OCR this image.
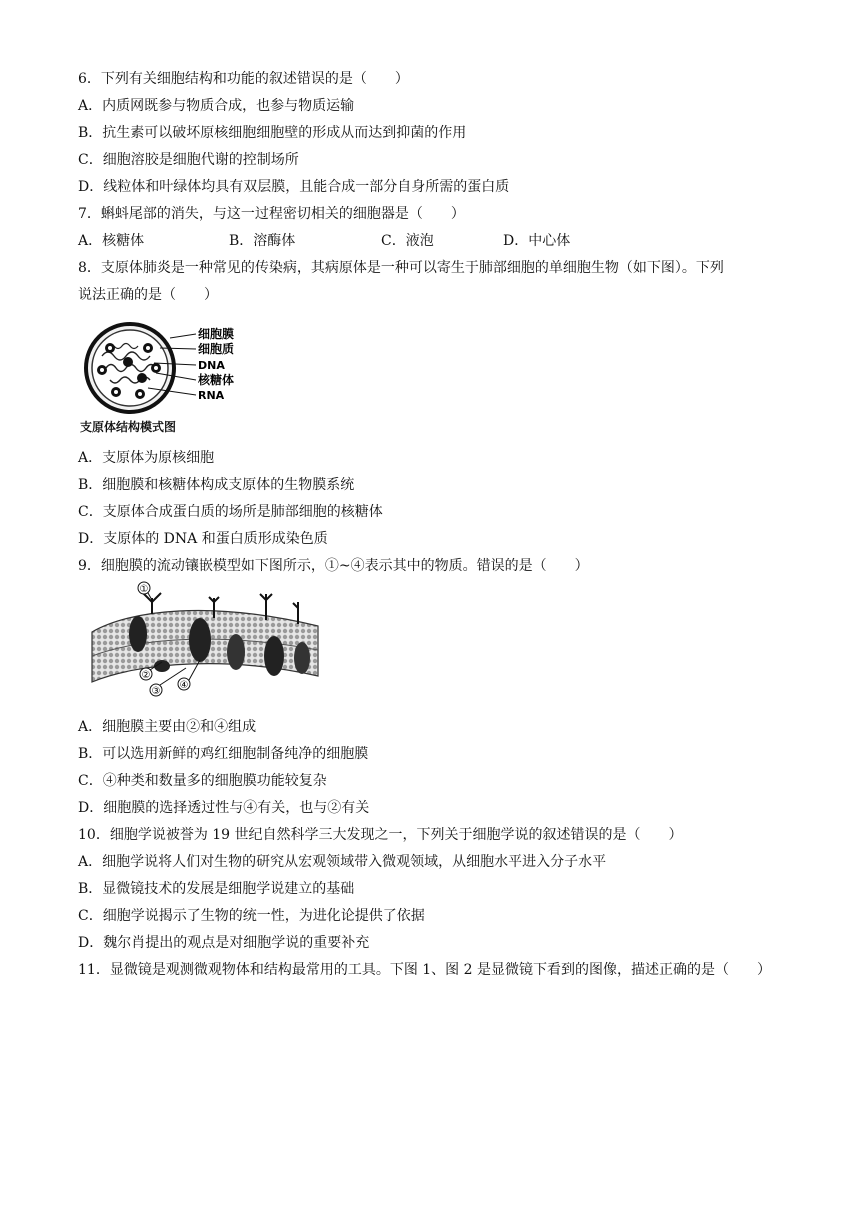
6．下列有关细胞结构和功能的叙述错误的是（　　）
A．内质网既参与物质合成，也参与物质运输
B．抗生素可以破坏原核细胞细胞壁的形成从而达到抑菌的作用
C．细胞溶胶是细胞代谢的控制场所
D．线粒体和叶绿体均具有双层膜，且能合成一部分自身所需的蛋白质
7．蝌蚪尾部的消失，与这一过程密切相关的细胞器是（　　）
A．核糖体	B．溶酶体	C．液泡	D．中心体
8．支原体肺炎是一种常见的传染病，其病原体是一种可以寄生于肺部细胞的单细胞生物（如下图）。下列
说法正确的是（　　）
细胞膜
细胞质
DNA
核糖体
RNA
支原体结构模式图
A．支原体为原核细胞
B．细胞膜和核糖体构成支原体的生物膜系统
C．支原体合成蛋白质的场所是肺部细胞的核糖体
D．支原体的 DNA 和蛋白质形成染色质
9．细胞膜的流动镶嵌模型如下图所示，①~④表示其中的物质。错误的是（　　）
①
②
③
④
A．细胞膜主要由②和④组成
B．可以选用新鲜的鸡红细胞制备纯净的细胞膜
C．④种类和数量多的细胞膜功能较复杂
D．细胞膜的选择透过性与④有关，也与②有关
10．细胞学说被誉为 19 世纪自然科学三大发现之一，下列关于细胞学说的叙述错误的是（　　）
A．细胞学说将人们对生物的研究从宏观领域带入微观领域，从细胞水平进入分子水平
B．显微镜技术的发展是细胞学说建立的基础
C．细胞学说揭示了生物的统一性，为进化论提供了依据
D．魏尔肖提出的观点是对细胞学说的重要补充
11．显微镜是观测微观物体和结构最常用的工具。下图 1、图 2 是显微镜下看到的图像，描述正确的是（　　）
